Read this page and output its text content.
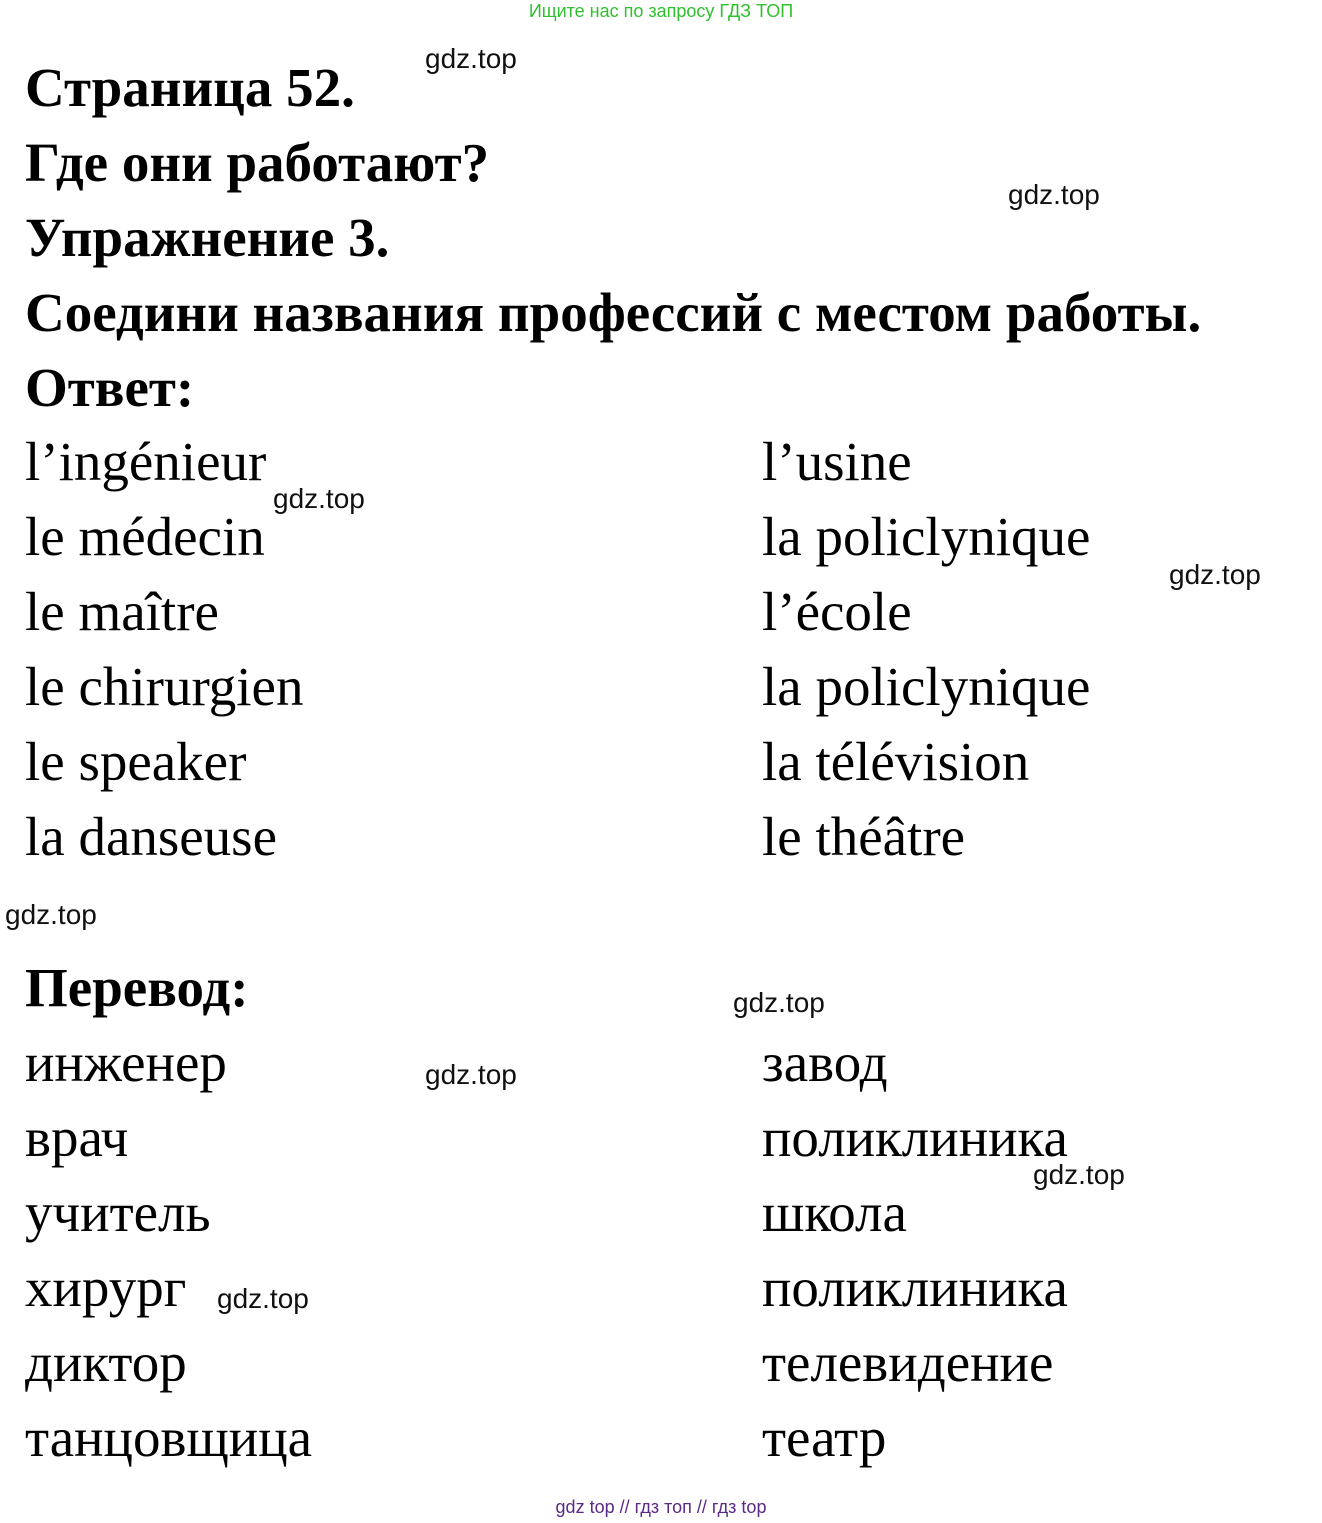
Ищите нас по запросу ГДЗ ТОП
Страница 52.
Где они работают?
Упражнение 3.
Соедини названия профессий с местом работы.
Ответ:
l’ingénieur
le médecin
le maître
le chirurgien
le speaker
la danseuse
l’usine
la policlynique
l’école
la policlynique
la télévision
le théâtre
Перевод:
инженер
врач
учитель
хирург
диктор
танцовщица
завод
поликлиника
школа
поликлиника
телевидение
театр
gdz.top
gdz.top
gdz.top
gdz.top
gdz.top
gdz.top
gdz.top
gdz.top
gdz.top
gdz top // гдз топ // гдз top
